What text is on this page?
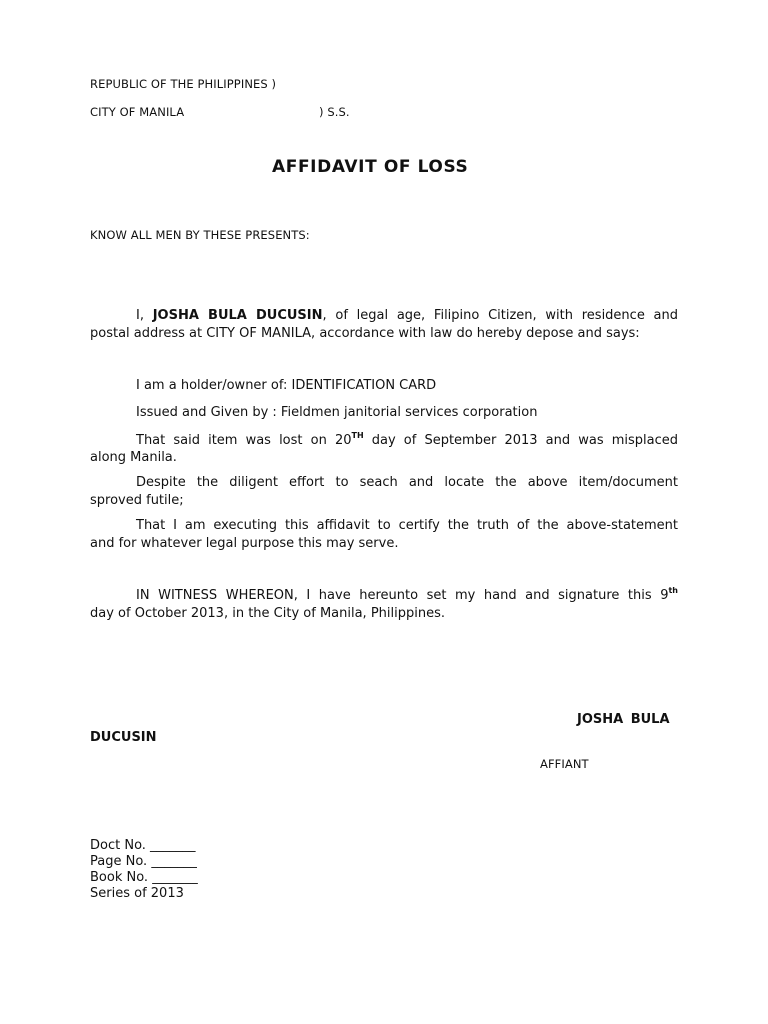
REPUBLIC OF THE PHILIPPINES )
CITY OF MANILA	) S.S.
AFFIDAVIT OF LOSS
KNOW ALL MEN BY THESE PRESENTS:
I, JOSHA BULA DUCUSIN, of legal age, Filipino Citizen, with residence and
postal address at CITY OF MANILA, accordance with law do hereby depose and says:
I am a holder/owner of: IDENTIFICATION CARD
Issued and Given by : Fieldmen janitorial services corporation
That said item was lost on 20TH day of September 2013 and was misplaced
along Manila.
Despite the diligent effort to seach and locate the above item/document
sproved futile;
That I am executing this affidavit to certify the truth of the above-statement
and for whatever legal purpose this may serve.
IN WITNESS WHEREON, I have hereunto set my hand and signature this 9th
day of October 2013, in the City of Manila, Philippines.
JOSHA BULA
DUCUSIN
AFFIANT
Doct No. _______
Page No. _______
Book No. _______
Series of 2013
